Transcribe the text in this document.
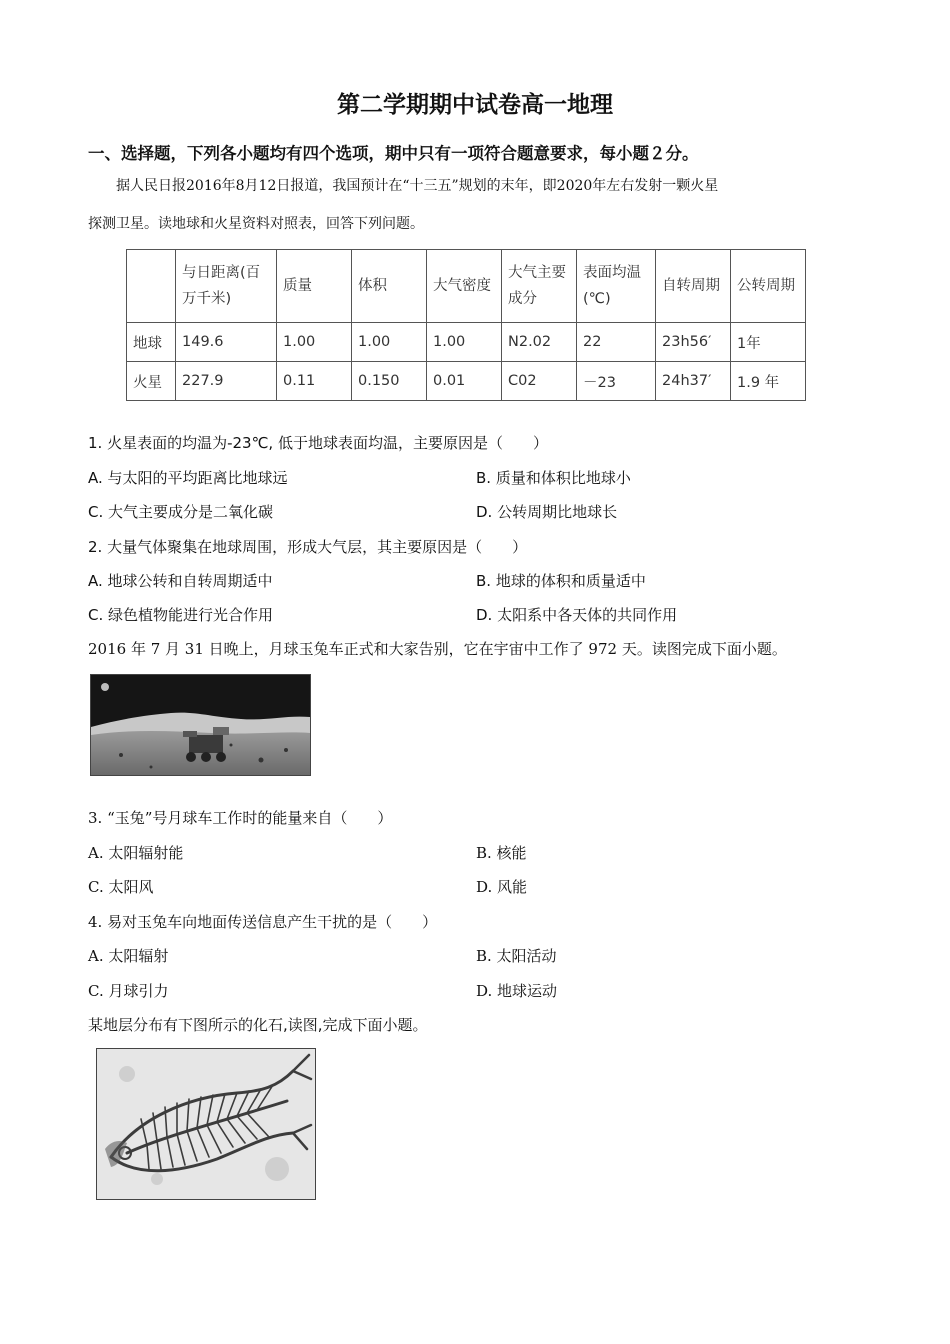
第二学期期中试卷高一地理
一、选择题，下列各小题均有四个选项，期中只有一项符合题意要求，每小题２分。
据人民日报2016年8月12日报道，我国预计在“十三五”规划的末年，即2020年左右发射一颗火星
探测卫星。读地球和火星资料对照表，回答下列问题。
	与日距离(百万千米)	质量	体积	大气密度	大气主要成分	表面均温(℃)	自转周期	公转周期
地球	149.6	1.00	1.00	1.00	N2.02	22	23h56′	1年
火星	227.9	0.11	0.150	0.01	C02	－23	24h37′	1.9 年
1. 火星表面的均温为-23℃, 低于地球表面均温，主要原因是（　　）
A. 与太阳的平均距离比地球远	B. 质量和体积比地球小
C. 大气主要成分是二氧化碳	D. 公转周期比地球长
2. 大量气体聚集在地球周围，形成大气层，其主要原因是（　　）
A. 地球公转和自转周期适中	B. 地球的体积和质量适中
C. 绿色植物能进行光合作用	D. 太阳系中各天体的共同作用
2016 年 7 月 31 日晚上，月球玉兔车正式和大家告别，它在宇宙中工作了 972 天。读图完成下面小题。
3. “玉兔”号月球车工作时的能量来自（　　）
A. 太阳辐射能	B. 核能
C. 太阳风	D. 风能
4. 易对玉兔车向地面传送信息产生干扰的是（　　）
A. 太阳辐射	B. 太阳活动
C. 月球引力	D. 地球运动
某地层分布有下图所示的化石,读图,完成下面小题。
